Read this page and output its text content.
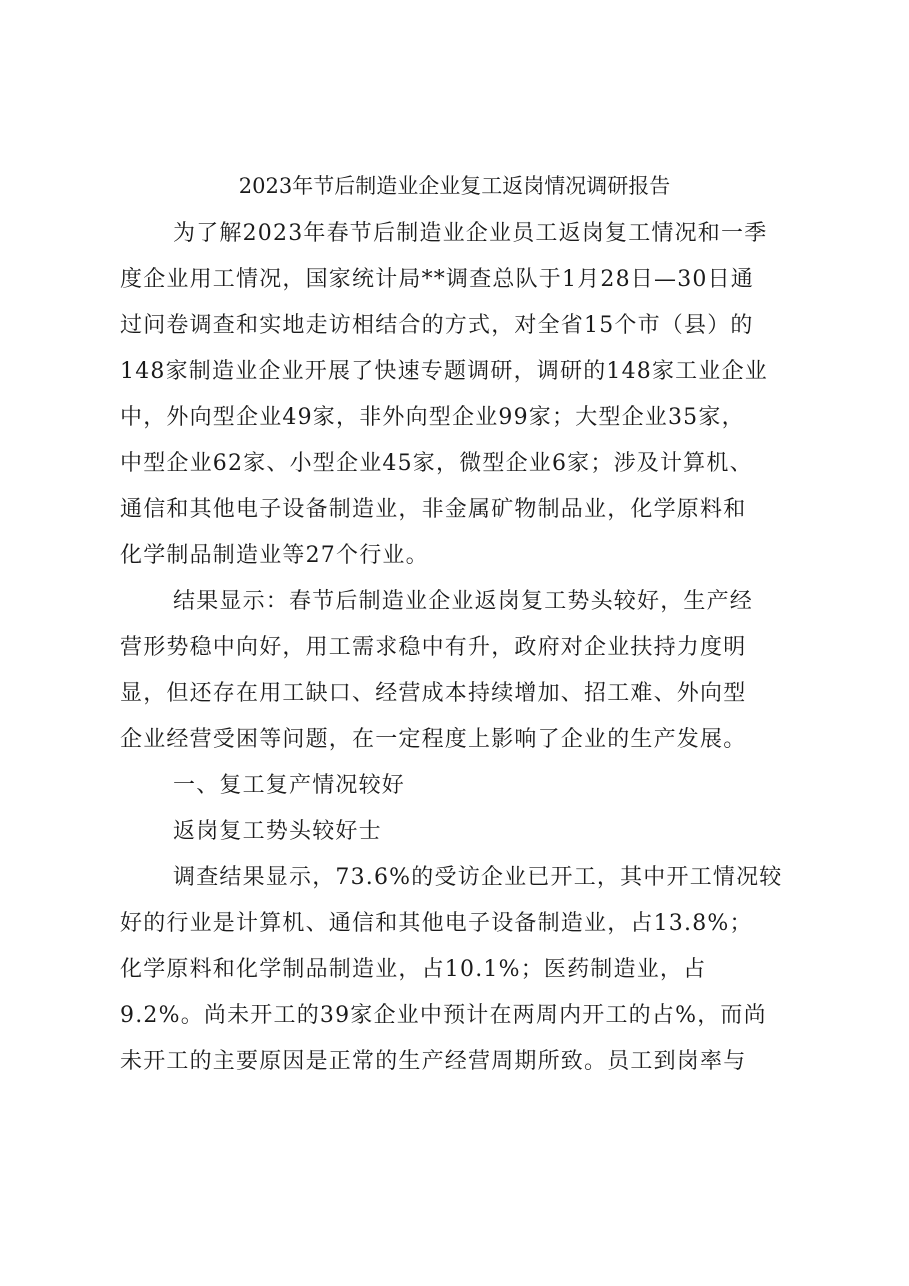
2023年节后制造业企业复工返岗情况调研报告

为了解2023年春节后制造业企业员工返岗复工情况和一季

度企业用工情况，国家统计局**调查总队于1月28日—30日通

过问卷调查和实地走访相结合的方式，对全省15个市（县）的

148家制造业企业开展了快速专题调研，调研的148家工业企业

中，外向型企业49家，非外向型企业99家；大型企业35家，

中型企业62家、小型企业45家，微型企业6家；涉及计算机、

通信和其他电子设备制造业，非金属矿物制品业，化学原料和

化学制品制造业等27个行业。

结果显示：春节后制造业企业返岗复工势头较好，生产经

营形势稳中向好，用工需求稳中有升，政府对企业扶持力度明

显，但还存在用工缺口、经营成本持续增加、招工难、外向型

企业经营受困等问题，在一定程度上影响了企业的生产发展。

一、复工复产情况较好

返岗复工势头较好士

调查结果显示，73.6%的受访企业已开工，其中开工情况较

好的行业是计算机、通信和其他电子设备制造业，占13.8%；

化学原料和化学制品制造业，占10.1%；医药制造业，占

9.2%。尚未开工的39家企业中预计在两周内开工的占%，而尚

未开工的主要原因是正常的生产经营周期所致。员工到岗率与
